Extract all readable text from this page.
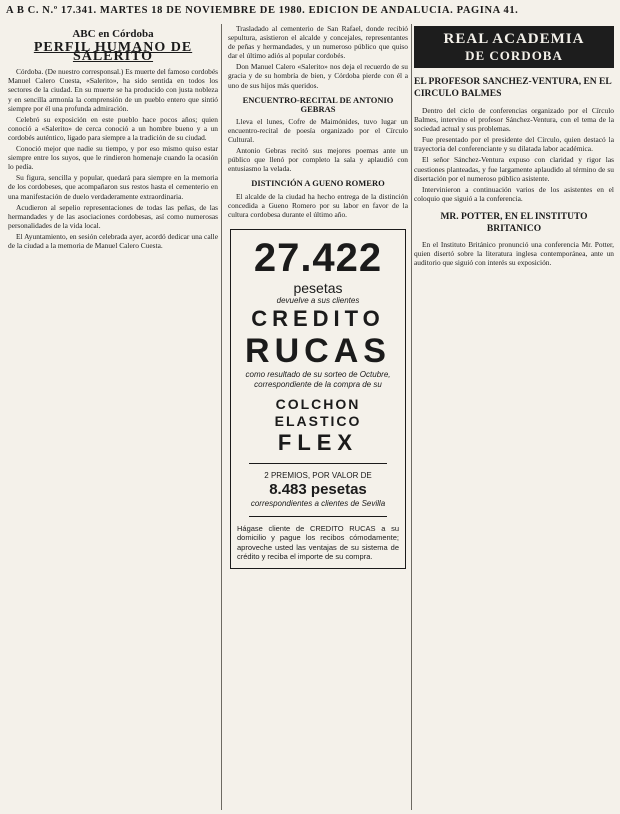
A B C. N.º 17.341. MARTES 18 DE NOVIEMBRE DE 1980. EDICION DE ANDALUCIA. PAGINA 41.
ABC en Córdoba
PERFIL HUMANO DE SALERITO

Córdoba. (De nuestro corresponsal.) Es muerte del famoso cordobés Manuel Calero Cuesta, «Salerito», ha sido sentida en todos los sectores de la ciudad. En su muerte se ha producido con justa nobleza y en sencilla armonía la comprensión de un pueblo entero que sintió siempre por él una profunda admiración.

Celebró su exposición en este pueblo hace pocos años; quien conoció a «Salerito» de cerca conoció a un hombre bueno y a un cordobés auténtico, ligado para siempre a la tradición de su ciudad.

Conoció mejor que nadie su tiempo, y por eso mismo quiso estar siempre entre los suyos, que le rindieron homenaje cuando la ocasión lo pedía.

Su figura, sencilla y popular, quedará para siempre en la memoria de los cordobeses, que acompañaron sus restos hasta el cementerio en una manifestación de duelo verdaderamente extraordinaria.

Acudieron al sepelio representaciones de todas las peñas, de las hermandades y de las asociaciones cordobesas, así como numerosas personalidades de la vida local.

El Ayuntamiento, en sesión celebrada ayer, acordó dedicar una calle de la ciudad a la memoria de Manuel Calero Cuesta.

Trasladado al cementerio de San Rafael, donde recibió sepultura, asistieron el alcalde y concejales, representantes de peñas y hermandades, y un numeroso público que quiso dar el último adiós al popular cordobés.

Don Manuel Calero «Salerito» nos deja el recuerdo de su gracia y de su hombría de bien, y Córdoba pierde con él a uno de sus hijos más queridos.

ENCUENTRO-RECITAL DE ANTONIO GEBRAS

Lleva el lunes, Cofre de Maimónides, tuvo lugar un encuentro-recital de poesía organizado por el Círculo Cultural.

Antonio Gebras recitó sus mejores poemas ante un público que llenó por completo la sala y aplaudió con entusiasmo la velada.

DISTINCIÓN A GUENO ROMERO

El alcalde de la ciudad ha hecho entrega de la distinción concedida a Gueno Romero por su labor en favor de la cultura cordobesa durante el último año.

27.422
pesetas
devuelve a sus clientes
CREDITO
RUCAS
como resultado de su sorteo de Octubre, correspondiente de la compra de su
COLCHON ELASTICO
FLEX
2 PREMIOS, POR VALOR DE
8.483 pesetas
correspondientes a clientes de Sevilla
Hágase cliente de CREDITO RUCAS a su domicilio y pague los recibos cómodamente; aproveche usted las ventajas de su sistema de crédito y reciba el importe de su compra.
REAL ACADEMIA
DE CORDOBA
EL PROFESOR SANCHEZ-VENTURA, EN EL CIRCULO BALMES

Dentro del ciclo de conferencias organizado por el Círculo Balmes, intervino el profesor Sánchez-Ventura, con el tema de la sociedad actual y sus problemas.

Fue presentado por el presidente del Círculo, quien destacó la trayectoria del conferenciante y su dilatada labor académica.

El señor Sánchez-Ventura expuso con claridad y rigor las cuestiones planteadas, y fue largamente aplaudido al término de su disertación por el numeroso público asistente.

Intervinieron a continuación varios de los asistentes en el coloquio que siguió a la conferencia.

MR. POTTER, EN EL INSTITUTO BRITANICO

En el Instituto Británico pronunció una conferencia Mr. Potter, quien disertó sobre la literatura inglesa contemporánea, ante un auditorio que siguió con interés su exposición.
